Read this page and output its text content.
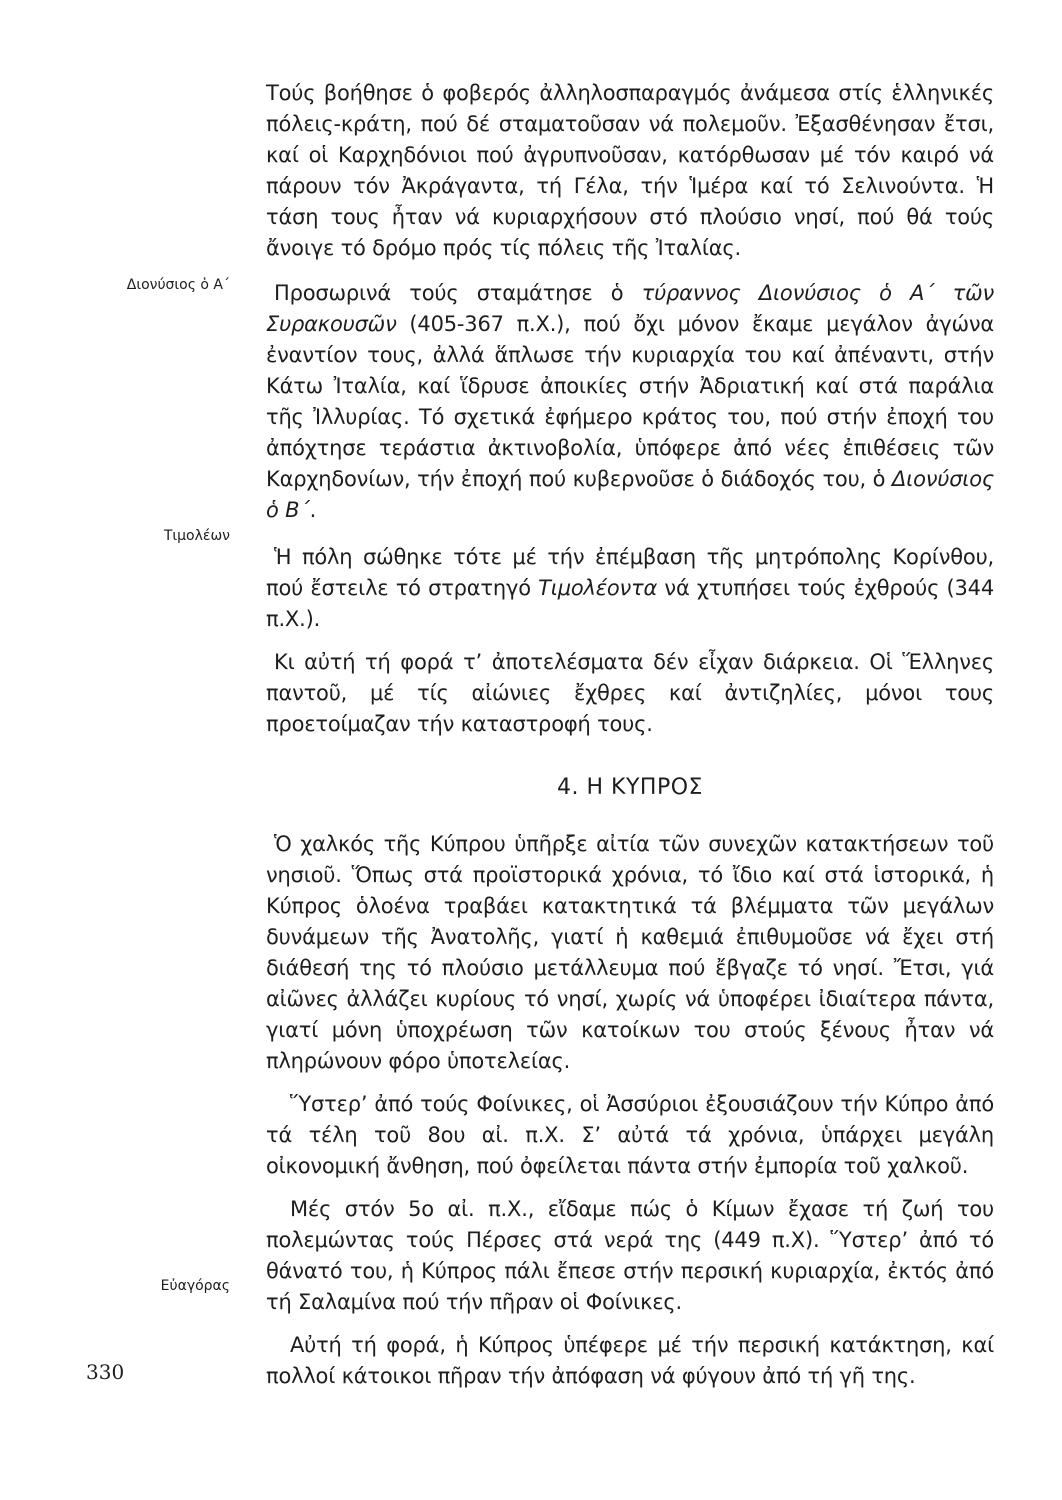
Διονύσιος ὁ Α΄
Τιμολέων
Εὐαγόρας

Τούς βοήθησε ὁ φοβερός ἀλληλοσπαραγμός ἀνάμεσα στίς ἑλληνικές πόλεις-κράτη, πού δέ σταματοῦσαν νά πολεμοῦν. Ἐξασθένησαν ἔτσι, καί οἱ Καρχηδόνιοι πού ἀγρυπνοῦσαν, κατόρθωσαν μέ τόν καιρό νά πάρουν τόν Ἀκράγαντα, τή Γέλα, τήν Ἱμέρα καί τό Σελινούντα. Ἡ τάση τους ἦταν νά κυριαρχήσουν στό πλούσιο νησί, πού θά τούς ἄνοιγε τό δρόμο πρός τίς πόλεις τῆς Ἰταλίας.

Προσωρινά τούς σταμάτησε ὁ τύραννος Διονύσιος ὁ Α΄ τῶν Συρακουσῶν (405-367 π.Χ.), πού ὄχι μόνον ἔκαμε μεγάλον ἀγώνα ἐναντίον τους, ἀλλά ἅπλωσε τήν κυριαρχία του καί ἀπέναντι, στήν Κάτω Ἰταλία, καί ἵδρυσε ἀποικίες στήν Ἀδριατική καί στά παράλια τῆς Ἰλλυρίας. Τό σχετικά ἐφήμερο κράτος του, πού στήν ἐποχή του ἀπόχτησε τεράστια ἀκτινοβολία, ὑπόφερε ἀπό νέες ἐπιθέσεις τῶν Καρχηδονίων, τήν ἐποχή πού κυβερνοῦσε ὁ διάδοχός του, ὁ Διονύσιος ὁ Β΄.

Ἡ πόλη σώθηκε τότε μέ τήν ἐπέμβαση τῆς μητρόπολης Κορίνθου, πού ἔστειλε τό στρατηγό Τιμολέοντα νά χτυπήσει τούς ἐχθρούς (344 π.Χ.).

Κι αὐτή τή φορά τ’ ἀποτελέσματα δέν εἶχαν διάρκεια. Οἱ Ἕλληνες παντοῦ, μέ τίς αἰώνιες ἔχθρες καί ἀντιζηλίες, μόνοι τους προετοίμαζαν τήν καταστροφή τους.

4. Η ΚΥΠΡΟΣ

Ὁ χαλκός τῆς Κύπρου ὑπῆρξε αἰτία τῶν συνεχῶν κατακτήσεων τοῦ νησιοῦ. Ὅπως στά προϊστορικά χρόνια, τό ἴδιο καί στά ἱστορικά, ἡ Κύπρος ὁλοένα τραβάει κατακτητικά τά βλέμματα τῶν μεγάλων δυνάμεων τῆς Ἀνατολῆς, γιατί ἡ καθεμιά ἐπιθυμοῦσε νά ἔχει στή διάθεσή της τό πλούσιο μετάλλευμα πού ἔβγαζε τό νησί. Ἔτσι, γιά αἰῶνες ἀλλάζει κυρίους τό νησί, χωρίς νά ὑποφέρει ἰδιαίτερα πάντα, γιατί μόνη ὑποχρέωση τῶν κατοίκων του στούς ξένους ἦταν νά πληρώνουν φόρο ὑποτελείας.

Ὕστερ’ ἀπό τούς Φοίνικες, οἱ Ἀσσύριοι ἐξουσιάζουν τήν Κύπρο ἀπό τά τέλη τοῦ 8ου αἰ. π.Χ. Σ’ αὐτά τά χρόνια, ὑπάρχει μεγάλη οἰκονομική ἄνθηση, πού ὀφείλεται πάντα στήν ἐμπορία τοῦ χαλκοῦ.

Μές στόν 5ο αἰ. π.Χ., εἴδαμε πώς ὁ Κίμων ἔχασε τή ζωή του πολεμώντας τούς Πέρσες στά νερά της (449 π.Χ). Ὕστερ’ ἀπό τό θάνατό του, ἡ Κύπρος πάλι ἔπεσε στήν περσική κυριαρχία, ἐκτός ἀπό τή Σαλαμίνα πού τήν πῆραν οἱ Φοίνικες.

Αὐτή τή φορά, ἡ Κύπρος ὑπέφερε μέ τήν περσική κατάκτηση, καί πολλοί κάτοικοι πῆραν τήν ἀπόφαση νά φύγουν ἀπό τή γῆ της.

330
